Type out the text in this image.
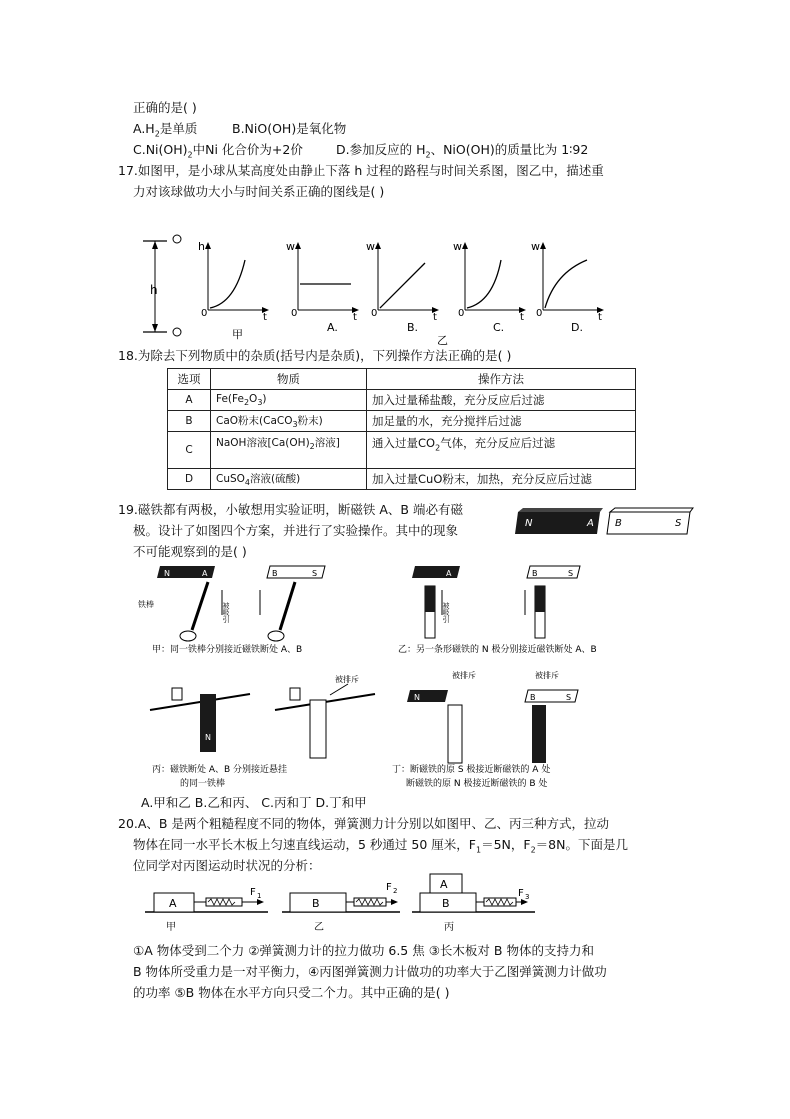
正确的是( )
$A.H_2$是单质	B.NiO(OH)是氧化物
$C.Ni(OH)_2$中Ni 化合价为+2价	D.参加反应的 $H_2$、NiO(OH)的质量比为 1∶92
17.如图甲，是小球从某高度处由静止下落 h 过程的路程与时间关系图，图乙中，描述重
力对该球做功大小与时间关系正确的图线是( )
h
h
0	t
甲
w
0	t
A.
w
0	t
B.
乙
w
0	t
C.
w
0	t
D.
18.为除去下列物质中的杂质(括号内是杂质)，下列操作方法正确的是( )
选项	物质	操作方法
A	$Fe(Fe_2O_3)$	加入过量稀盐酸，充分反应后过滤
B	CaO粉末(CaCO$_3$粉末)	加足量的水，充分搅拌后过滤
C	NaOH溶液[$Ca(OH)_2$溶液]	通入过量$CO_2$气体，充分反应后过滤
D	CuSO$_4$溶液(硫酸)	加入过量CuO粉末，加热，充分反应后过滤
19.磁铁都有两极，小敏想用实验证明，断磁铁 A、B 端必有磁
极。设计了如图四个方案，并进行了实验操作。其中的现象
不可能观察到的是( )
N	A B	S
N	A
铁棒	被吸引
B	S
甲：同一铁棒分别接近磁铁断处 A、B
A
被吸引
B	S
乙：另一条形磁铁的 N 极分别接近磁铁断处 A、B
N
被排斥
丙：磁铁断处 A、B 分别接近悬挂
的同一铁棒
N
被排斥
B	S
被排斥
丁：断磁铁的原 S 极接近断磁铁的 A 处
断磁铁的原 N 极接近断磁铁的 B 处
A.甲和乙 B.乙和丙、 C.丙和丁 D.丁和甲
20.A、B 是两个粗糙程度不同的物体，弹簧测力计分别以如图甲、乙、丙三种方式，拉动
物体在同一水平长木板上匀速直线运动，5 秒通过 50 厘米，$F_1=5N$，$F_2=8N$。下面是几
位同学对丙图运动时状况的分析：
A
F 1
甲
B
F 2
乙
B
A
F 3
丙
①A 物体受到二个力 ②弹簧测力计的拉力做功 6.5 焦 ③长木板对 B 物体的支持力和
B 物体所受重力是一对平衡力，④丙图弹簧测力计做功的功率大于乙图弹簧测力计做功
的功率 ⑤B 物体在水平方向只受二个力。其中正确的是( )
